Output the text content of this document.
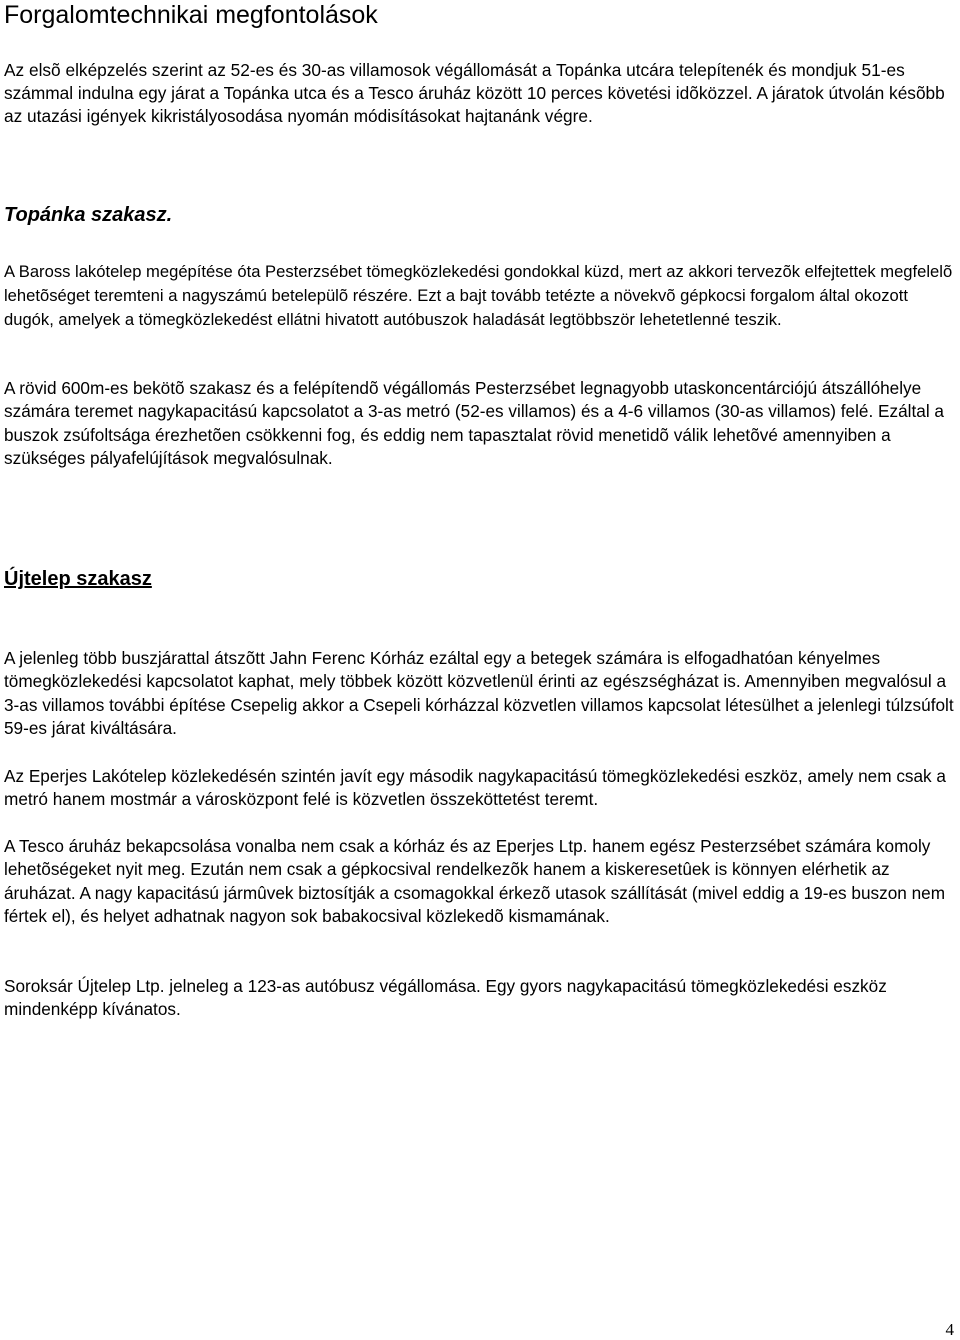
Forgalomtechnikai megfontolások

Az elsõ elképzelés szerint az 52-es és 30-as villamosok végállomását a Topánka utcára telepítenék és mondjuk 51-es számmal indulna egy járat a Topánka utca és a Tesco áruház között 10 perces követési idõközzel. A járatok útvolán késõbb az utazási igények kikristályosodása nyomán módisításokat hajtanánk végre.

Topánka szakasz.

A Baross lakótelep megépítése óta Pesterzsébet tömegközlekedési gondokkal küzd, mert az akkori tervezõk elfejtettek megfelelõ lehetõséget teremteni a nagyszámú betelepülõ részére. Ezt a bajt tovább tetézte a növekvõ gépkocsi forgalom által okozott dugók, amelyek a tömegközlekedést ellátni hivatott autóbuszok haladását legtöbbször lehetetlenné teszik.

A rövid 600m-es bekötõ szakasz és a felépítendõ végállomás Pesterzsébet legnagyobb utaskoncentárciójú átszállóhelye számára teremet nagykapacitású kapcsolatot a 3-as metró (52-es villamos) és a 4-6 villamos (30-as villamos) felé. Ezáltal a buszok zsúfoltsága érezhetõen csökkenni fog, és eddig nem tapasztalat rövid menetidõ válik lehetõvé amennyiben a szükséges pályafelújítások megvalósulnak.

Újtelep szakasz

A jelenleg több buszjárattal átszõtt Jahn Ferenc Kórház ezáltal egy a betegek számára is elfogadhatóan kényelmes tömegközlekedési kapcsolatot kaphat, mely többek között közvetlenül érinti az egészségházat is. Amennyiben megvalósul a 3-as villamos további építése Csepelig akkor a Csepeli kórházzal közvetlen villamos kapcsolat létesülhet a jelenlegi túlzsúfolt 59-es járat kiváltására.

Az Eperjes Lakótelep közlekedésén szintén javít egy második nagykapacitású tömegközlekedési eszköz, amely nem csak a metró hanem mostmár a városközpont felé is közvetlen összeköttetést teremt.

A Tesco áruház bekapcsolása vonalba nem csak a kórház és az Eperjes Ltp. hanem egész Pesterzsébet számára komoly lehetõségeket nyit meg. Ezután nem csak a gépkocsival rendelkezõk hanem a kiskeresetûek is könnyen elérhetik az áruházat. A nagy kapacitású jármûvek biztosítják a csomagokkal érkezõ utasok szállítását (mivel eddig a 19-es buszon nem fértek el), és helyet adhatnak nagyon sok babakocsival közlekedõ kismamának.

Soroksár Újtelep Ltp. jelneleg a 123-as autóbusz végállomása. Egy gyors nagykapacitású tömegközlekedési eszköz mindenképp kívánatos.

4
